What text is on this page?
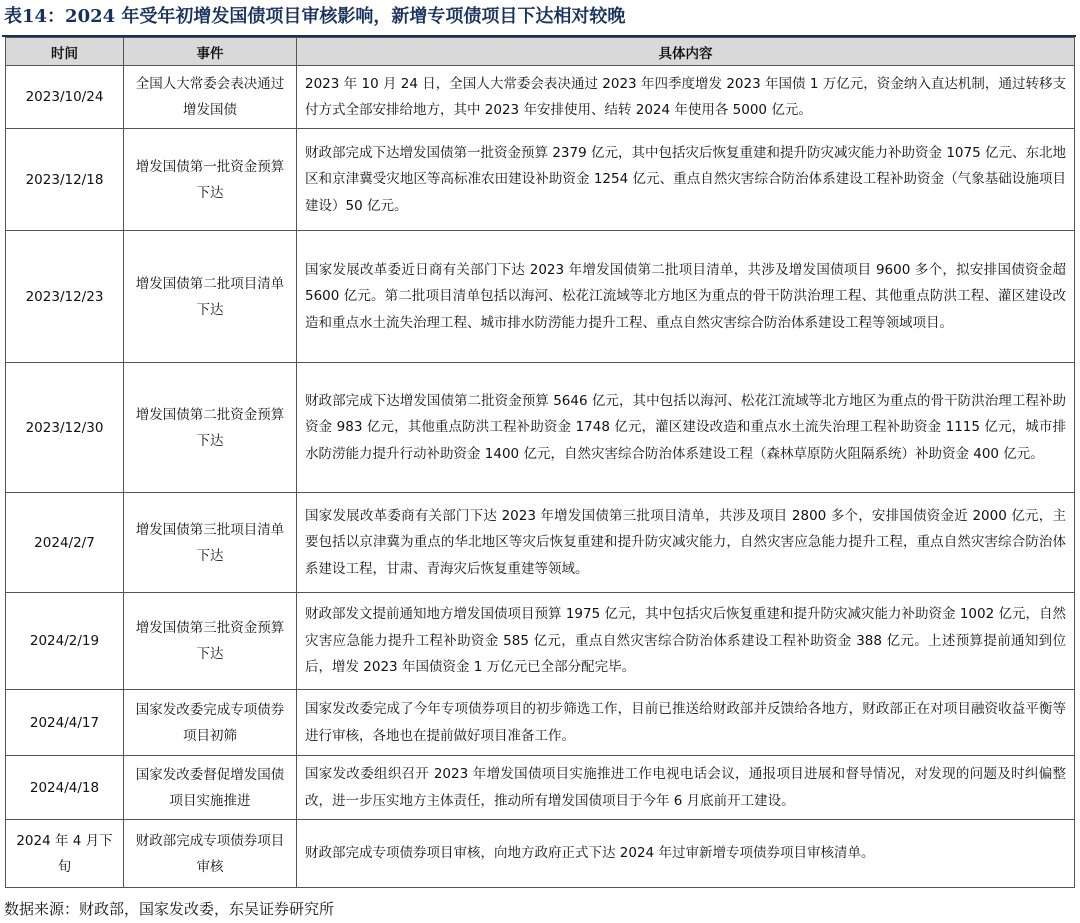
表14：2024 年受年初增发国债项目审核影响，新增专项债项目下达相对较晚
时间	事件	具体内容
2023/10/24	全国人大常委会表决通过增发国债	2023 年 10 月 24 日，全国人大常委会表决通过 2023 年四季度增发 2023 年国债 1 万亿元，资金纳入直达机制，通过转移支付方式全部安排给地方，其中 2023 年安排使用、结转 2024 年使用各 5000 亿元。
2023/12/18	增发国债第一批资金预算下达	财政部完成下达增发国债第一批资金预算 2379 亿元，其中包括灾后恢复重建和提升防灾减灾能力补助资金 1075 亿元、东北地区和京津冀受灾地区等高标准农田建设补助资金 1254 亿元、重点自然灾害综合防治体系建设工程补助资金（气象基础设施项目建设）50 亿元。
2023/12/23	增发国债第二批项目清单下达	国家发展改革委近日商有关部门下达 2023 年增发国债第二批项目清单，共涉及增发国债项目 9600 多个，拟安排国债资金超 5600 亿元。第二批项目清单包括以海河、松花江流域等北方地区为重点的骨干防洪治理工程、其他重点防洪工程、灌区建设改造和重点水土流失治理工程、城市排水防涝能力提升工程、重点自然灾害综合防治体系建设工程等领域项目。
2023/12/30	增发国债第二批资金预算下达	财政部完成下达增发国债第二批资金预算 5646 亿元，其中包括以海河、松花江流域等北方地区为重点的骨干防洪治理工程补助资金 983 亿元，其他重点防洪工程补助资金 1748 亿元，灌区建设改造和重点水土流失治理工程补助资金 1115 亿元，城市排水防涝能力提升行动补助资金 1400 亿元，自然灾害综合防治体系建设工程（森林草原防火阻隔系统）补助资金 400 亿元。
2024/2/7	增发国债第三批项目清单下达	国家发展改革委商有关部门下达 2023 年增发国债第三批项目清单，共涉及项目 2800 多个，安排国债资金近 2000 亿元，主要包括以京津冀为重点的华北地区等灾后恢复重建和提升防灾减灾能力，自然灾害应急能力提升工程，重点自然灾害综合防治体系建设工程，甘肃、青海灾后恢复重建等领域。
2024/2/19	增发国债第三批资金预算下达	财政部发文提前通知地方增发国债项目预算 1975 亿元，其中包括灾后恢复重建和提升防灾减灾能力补助资金 1002 亿元，自然灾害应急能力提升工程补助资金 585 亿元，重点自然灾害综合防治体系建设工程补助资金 388 亿元。上述预算提前通知到位后，增发 2023 年国债资金 1 万亿元已全部分配完毕。
2024/4/17	国家发改委完成专项债券项目初筛	国家发改委完成了今年专项债券项目的初步筛选工作，目前已推送给财政部并反馈给各地方，财政部正在对项目融资收益平衡等进行审核，各地也在提前做好项目准备工作。
2024/4/18	国家发改委督促增发国债项目实施推进	国家发改委组织召开 2023 年增发国债项目实施推进工作电视电话会议，通报项目进展和督导情况，对发现的问题及时纠偏整改，进一步压实地方主体责任，推动所有增发国债项目于今年 6 月底前开工建设。
2024 年 4 月下旬	财政部完成专项债券项目审核	财政部完成专项债券项目审核，向地方政府正式下达 2024 年过审新增专项债券项目审核清单。
数据来源：财政部，国家发改委，东吴证券研究所
